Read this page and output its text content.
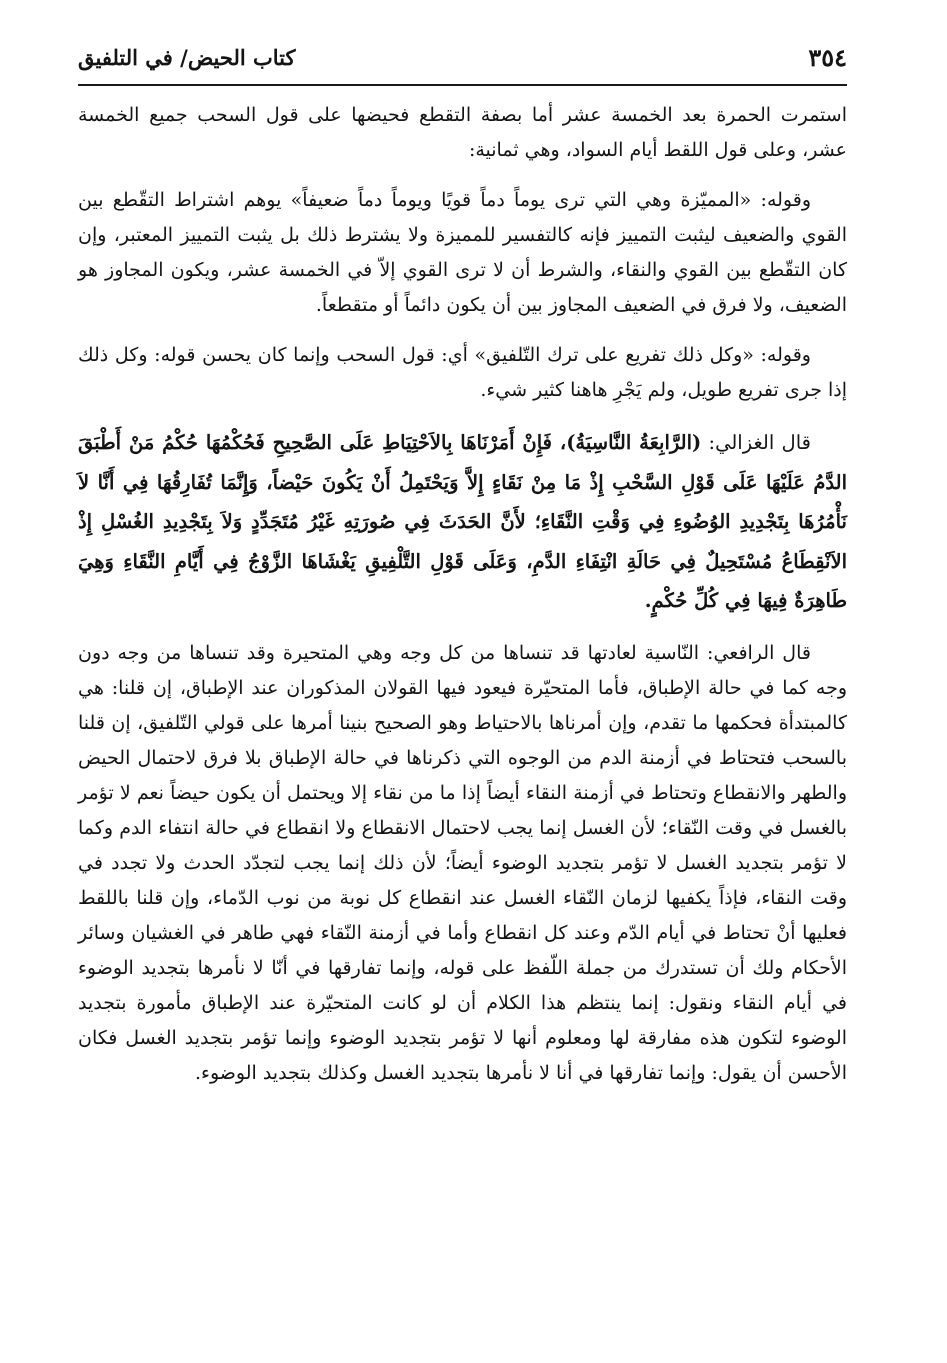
٣٥٤
كتاب الحيض/ في التلفيق

استمرت الحمرة بعد الخمسة عشر أما بصفة التقطع فحيضها على قول السحب جميع الخمسة عشر، وعلى قول اللقط أيام السواد، وهي ثمانية:

وقوله: «المميّزة وهي التي ترى يوماً دماً قويًا ويوماً دماً ضعيفاً» يوهم اشتراط التقّطع بين القوي والضعيف ليثبت التمييز فإنه كالتفسير للمميزة ولا يشترط ذلك بل يثبت التمييز المعتبر، وإن كان التقّطع بين القوي والنقاء، والشرط أن لا ترى القوي إلاّ في الخمسة عشر، ويكون المجاوز هو الضعيف، ولا فرق في الضعيف المجاوز بين أن يكون دائماً أو متقطعاً.

وقوله: «وكل ذلك تفريع على ترك التّلفيق» أي: قول السحب وإنما كان يحسن قوله: وكل ذلك إذا جرى تفريع طويل، ولم يَجْرِ هاهنا كثير شيء.

قال الغزالي: (الرَّابِعَةُ النَّاسِيَةُ)، فَإِنْ أَمَرْنَاهَا بِالاَحْتِيَاطِ عَلَى الصَّحِيحِ فَحُكْمُهَا حُكْمُ مَنْ أَطْبَقَ الدَّمُ عَلَيْهَا عَلَى قَوْلِ السَّحْبِ إِذْ مَا مِنْ نَقَاءٍ إِلاَّ وَيَحْتَمِلُ أَنْ يَكُونَ حَيْضاً، وَإِنَّمَا تُفَارِقُهَا فِي أَنَّا لاَ نَأْمُرُهَا بِتَجْدِيدِ الوُضُوءِ فِي وَقْتِ النَّقَاءِ؛ لأَنَّ الحَدَثَ فِي صُورَتِهِ غَيْرُ مُتَجَدِّدٍ وَلاَ بِتَجْدِيدِ الغُسْلِ إِذْ الاَنْقِطَاعُ مُسْتَحِيلٌ فِي حَالَةِ انْتِفَاءِ الدَّمِ، وَعَلَى قَوْلِ التَّلْفِيقِ يَغْشَاهَا الزَّوْجُ فِي أَيَّامِ النَّقَاءِ وَهِيَ طَاهِرَةٌ فِيهَا فِي كُلِّ حُكْمٍ.

قال الرافعي: النّاسية لعادتها قد تنساها من كل وجه وهي المتحيرة وقد تنساها من وجه دون وجه كما في حالة الإطباق، فأما المتحيّرة فيعود فيها القولان المذكوران عند الإطباق، إن قلنا: هي كالمبتدأة فحكمها ما تقدم، وإن أمرناها بالاحتياط وهو الصحيح بنينا أمرها على قولي التّلفيق، إن قلنا بالسحب فتحتاط في أزمنة الدم من الوجوه التي ذكرناها في حالة الإطباق بلا فرق لاحتمال الحيض والطهر والانقطاع وتحتاط في أزمنة النقاء أيضاً إذا ما من نقاء إلا ويحتمل أن يكون حيضاً نعم لا تؤمر بالغسل في وقت النّقاء؛ لأن الغسل إنما يجب لاحتمال الانقطاع ولا انقطاع في حالة انتفاء الدم وكما لا تؤمر بتجديد الغسل لا تؤمر بتجديد الوضوء أيضاً؛ لأن ذلك إنما يجب لتجدّد الحدث ولا تجدد في وقت النقاء، فإذاً يكفيها لزمان النّقاء الغسل عند انقطاع كل نوبة من نوب الدّماء، وإن قلنا باللقط فعليها أنْ تحتاط في أيام الدّم وعند كل انقطاع وأما في أزمنة النّقاء فهي طاهر في الغشيان وسائر الأحكام ولك أن تستدرك من جملة اللّفظ على قوله، وإنما تفارقها في أنّا لا نأمرها بتجديد الوضوء في أيام النقاء ونقول: إنما ينتظم هذا الكلام أن لو كانت المتحيّرة عند الإطباق مأمورة بتجديد الوضوء لتكون هذه مفارقة لها ومعلوم أنها لا تؤمر بتجديد الوضوء وإنما تؤمر بتجديد الغسل فكان الأحسن أن يقول: وإنما تفارقها في أنا لا نأمرها بتجديد الغسل وكذلك بتجديد الوضوء.
